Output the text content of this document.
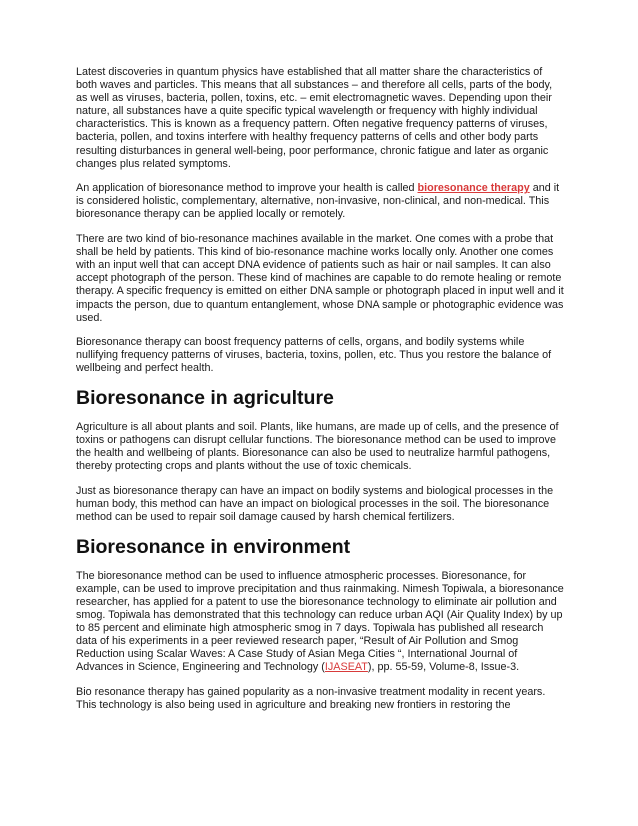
Latest discoveries in quantum physics have established that all matter share the characteristics of both waves and particles. This means that all substances – and therefore all cells, parts of the body, as well as viruses, bacteria, pollen, toxins, etc. – emit electromagnetic waves. Depending upon their nature, all substances have a quite specific typical wavelength or frequency with highly individual characteristics. This is known as a frequency pattern. Often negative frequency patterns of viruses, bacteria, pollen, and toxins interfere with healthy frequency patterns of cells and other body parts resulting disturbances in general well-being, poor performance, chronic fatigue and later as organic changes plus related symptoms.

An application of bioresonance method to improve your health is called bioresonance therapy and it is considered holistic, complementary, alternative, non-invasive, non-clinical, and non-medical. This bioresonance therapy can be applied locally or remotely.

There are two kind of bio-resonance machines available in the market. One comes with a probe that shall be held by patients. This kind of bio-resonance machine works locally only. Another one comes with an input well that can accept DNA evidence of patients such as hair or nail samples. It can also accept photograph of the person. These kind of machines are capable to do remote healing or remote therapy. A specific frequency is emitted on either DNA sample or photograph placed in input well and it impacts the person, due to quantum entanglement, whose DNA sample or photographic evidence was used.

Bioresonance therapy can boost frequency patterns of cells, organs, and bodily systems while nullifying frequency patterns of viruses, bacteria, toxins, pollen, etc. Thus you restore the balance of wellbeing and perfect health.

Bioresonance in agriculture

Agriculture is all about plants and soil. Plants, like humans, are made up of cells, and the presence of toxins or pathogens can disrupt cellular functions. The bioresonance method can be used to improve the health and wellbeing of plants. Bioresonance can also be used to neutralize harmful pathogens, thereby protecting crops and plants without the use of toxic chemicals.

Just as bioresonance therapy can have an impact on bodily systems and biological processes in the human body, this method can have an impact on biological processes in the soil. The bioresonance method can be used to repair soil damage caused by harsh chemical fertilizers.

Bioresonance in environment

The bioresonance method can be used to influence atmospheric processes. Bioresonance, for example, can be used to improve precipitation and thus rainmaking. Nimesh Topiwala, a bioresonance researcher, has applied for a patent to use the bioresonance technology to eliminate air pollution and smog. Topiwala has demonstrated that this technology can reduce urban AQI (Air Quality Index) by up to 85 percent and eliminate high atmospheric smog in 7 days. Topiwala has published all research data of his experiments in a peer reviewed research paper, “Result of Air Pollution and Smog Reduction using Scalar Waves: A Case Study of Asian Mega Cities “, International Journal of Advances in Science, Engineering and Technology (IJASEAT), pp. 55-59, Volume-8, Issue-3.

Bio resonance therapy has gained popularity as a non-invasive treatment modality in recent years. This technology is also being used in agriculture and breaking new frontiers in restoring the
